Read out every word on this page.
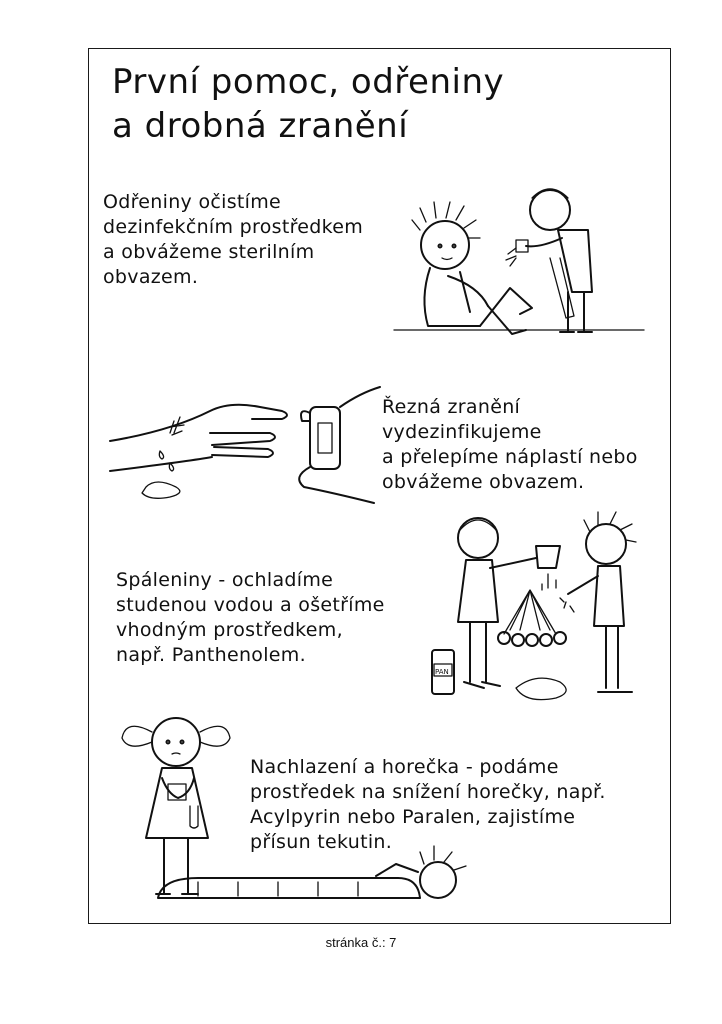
První pomoc, odřeniny
a drobná zranění
Odřeniny očistíme
dezinfekčním prostředkem
a obvážeme sterilním
obvazem.
Řezná zranění
vydezinfikujeme
a přelepíme náplastí nebo
obvážeme obvazem.
Spáleniny - ochladíme
studenou vodou a ošetříme
vhodným prostředkem,
např. Panthenolem.
Nachlazení a horečka - podáme
prostředek na snížení horečky, např.
Acylpyrin nebo Paralen, zajistíme
přísun tekutin.
PAN
stránka č.: 7
